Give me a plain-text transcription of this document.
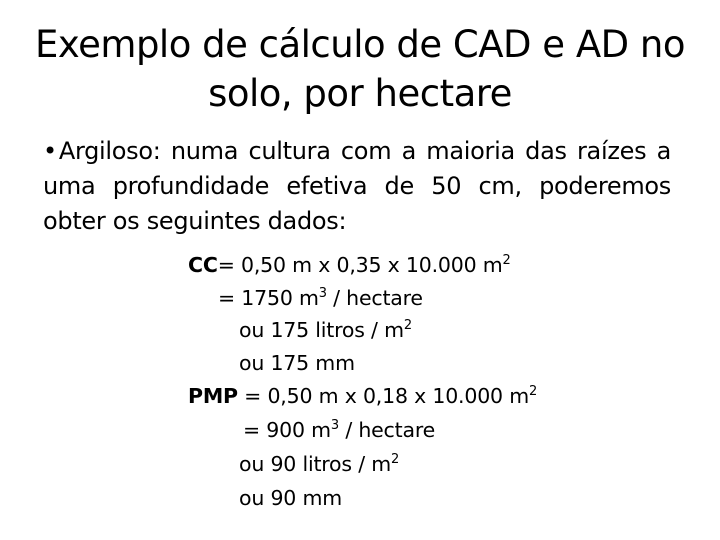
Exemplo de cálculo de CAD e AD no
solo, por hectare
•Argiloso: numa cultura com a maioria das raízes a uma profundidade efetiva de 50 cm, poderemos obter os seguintes dados:
CC= 0,50 m x 0,35 x 10.000 $m^2$
= 1750 $m^3$ / hectare
ou 175 litros / $m^2$
ou 175 mm
PMP = 0,50 m x 0,18 x 10.000 $m^2$
= 900 $m^3$ / hectare
ou 90 litros / $m^2$
ou 90 mm
